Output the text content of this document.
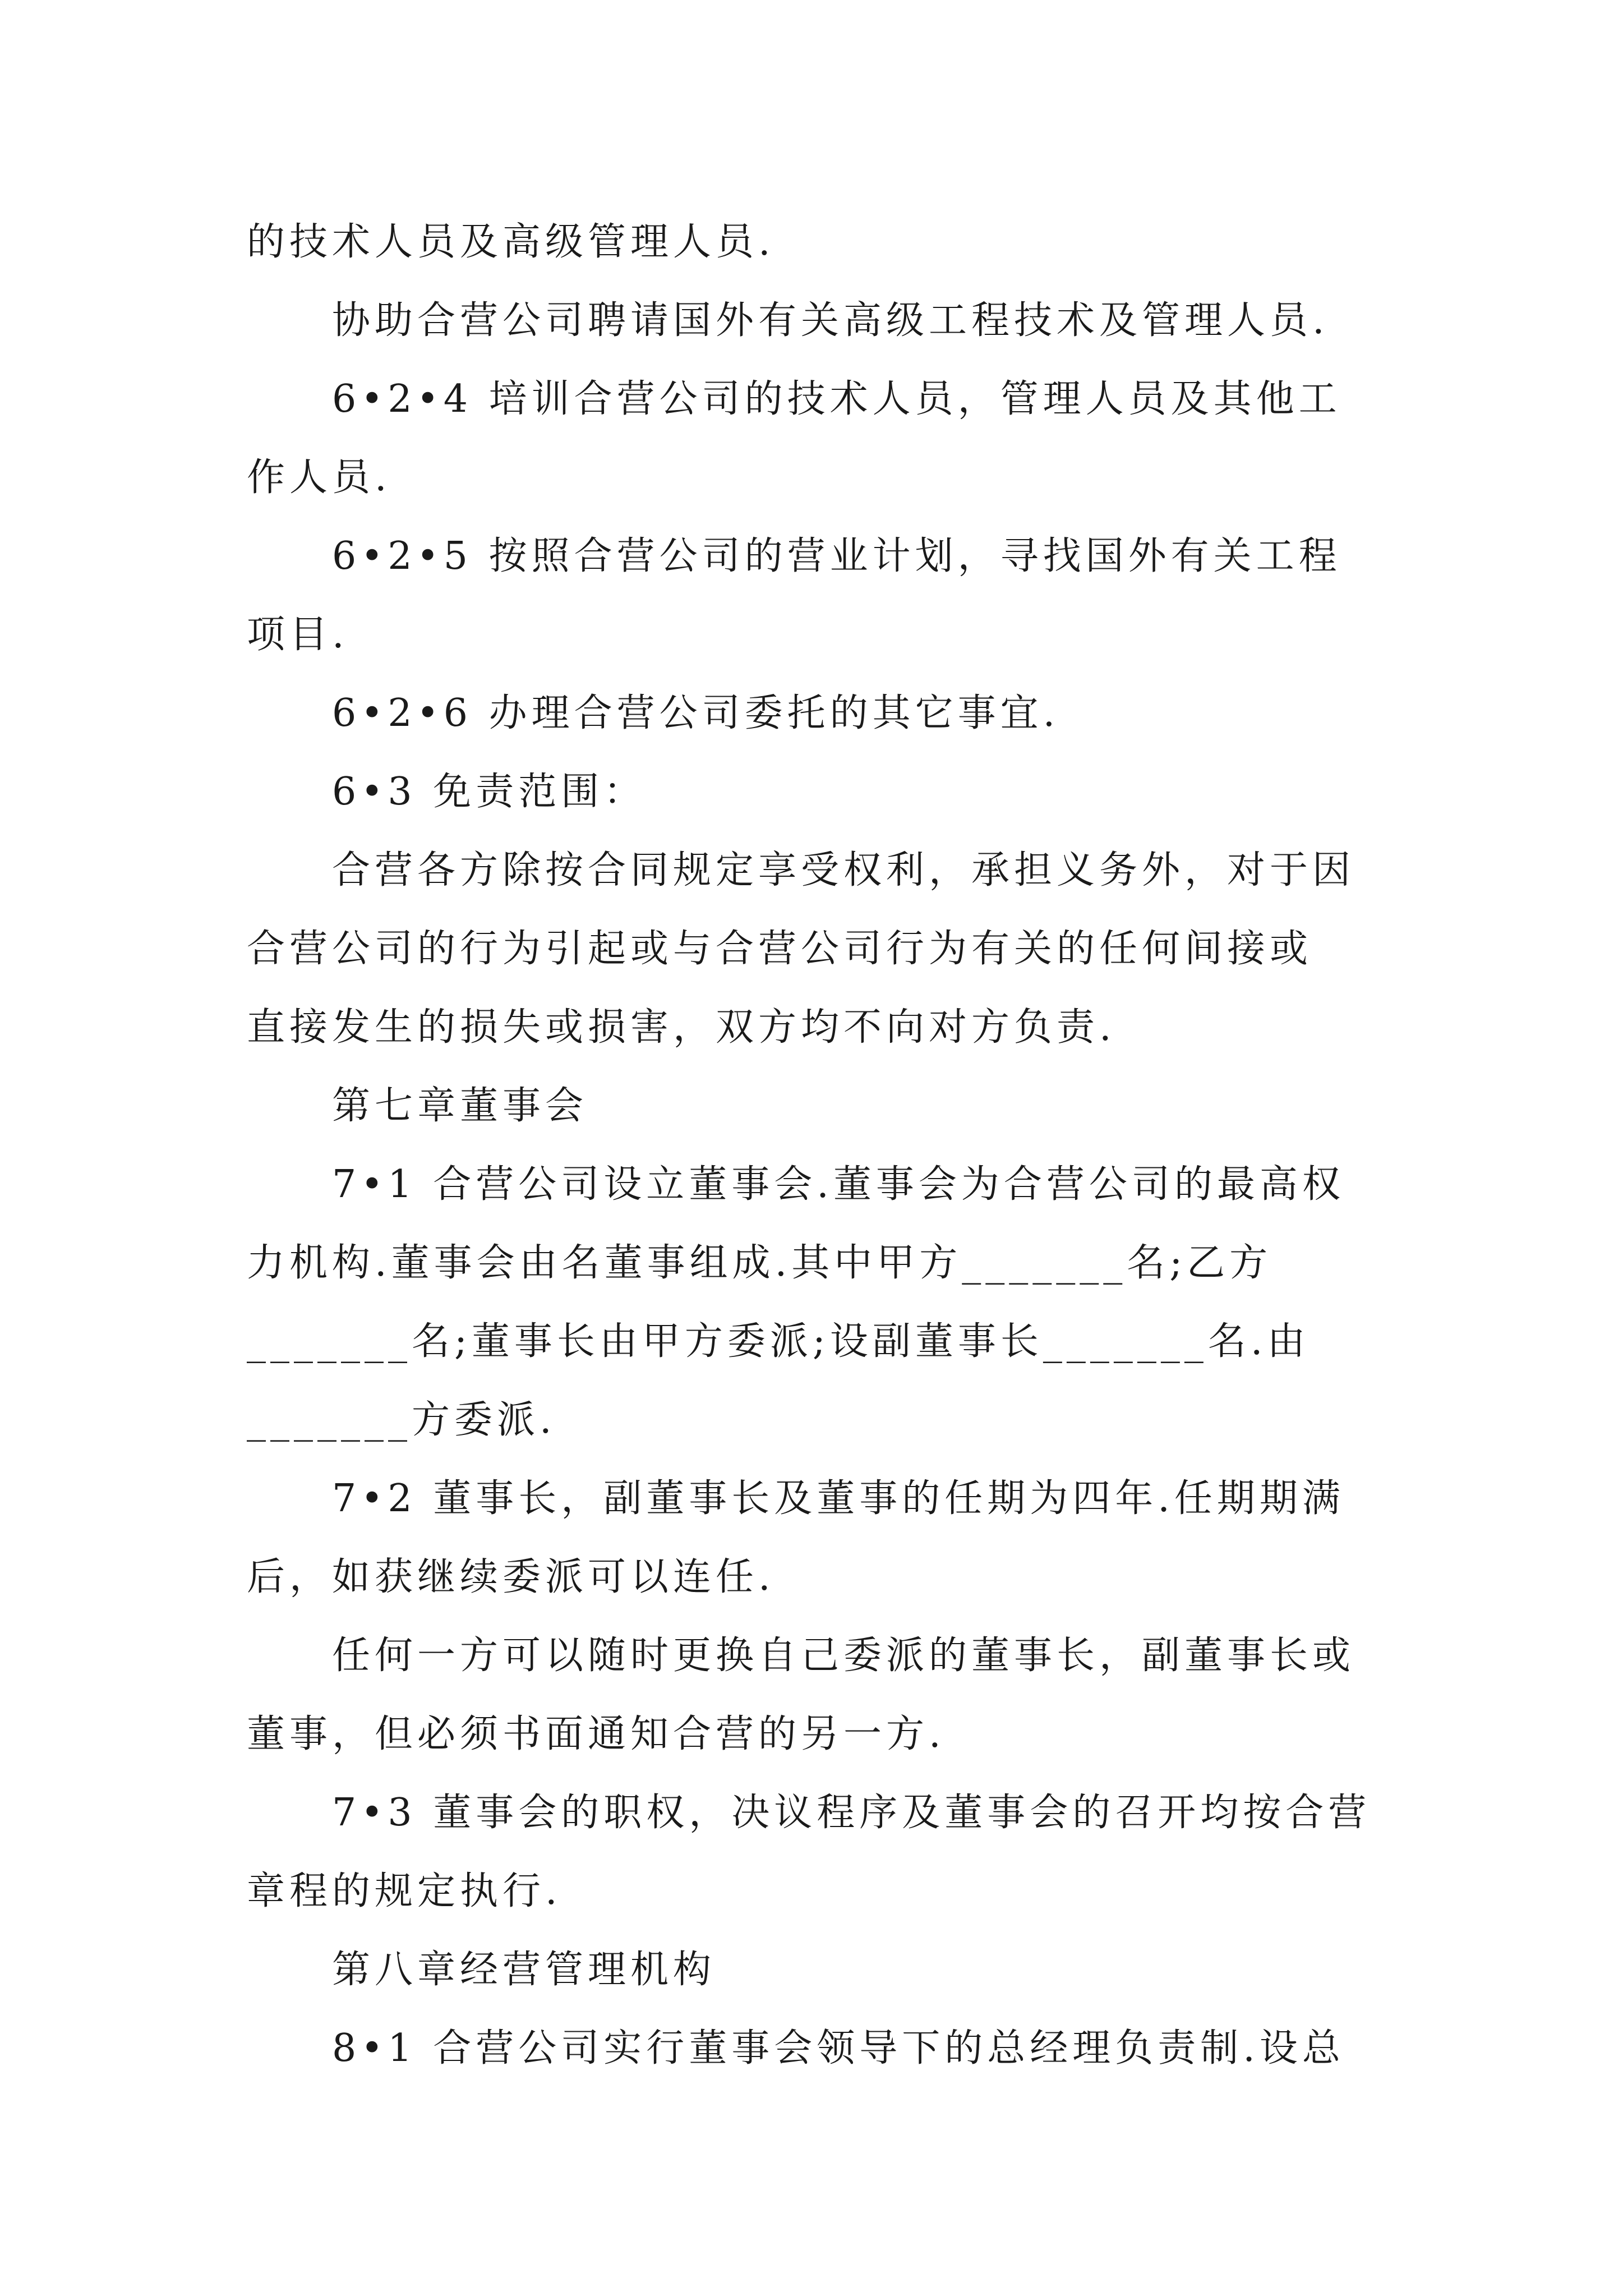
的技术人员及高级管理人员.
协助合营公司聘请国外有关高级工程技术及管理人员.
6•2•4 培训合营公司的技术人员，管理人员及其他工
作人员.
6•2•5 按照合营公司的营业计划，寻找国外有关工程
项目.
6•2•6 办理合营公司委托的其它事宜.
6•3 免责范围：
合营各方除按合同规定享受权利，承担义务外，对于因
合营公司的行为引起或与合营公司行为有关的任何间接或
直接发生的损失或损害，双方均不向对方负责.
第七章董事会
7•1 合营公司设立董事会.董事会为合营公司的最高权
力机构.董事会由名董事组成.其中甲方_______名;乙方
_______名;董事长由甲方委派;设副董事长_______名.由
_______方委派.
7•2 董事长，副董事长及董事的任期为四年.任期期满
后，如获继续委派可以连任.
任何一方可以随时更换自己委派的董事长，副董事长或
董事，但必须书面通知合营的另一方.
7•3 董事会的职权，决议程序及董事会的召开均按合营
章程的规定执行.
第八章经营管理机构
8•1 合营公司实行董事会领导下的总经理负责制.设总
